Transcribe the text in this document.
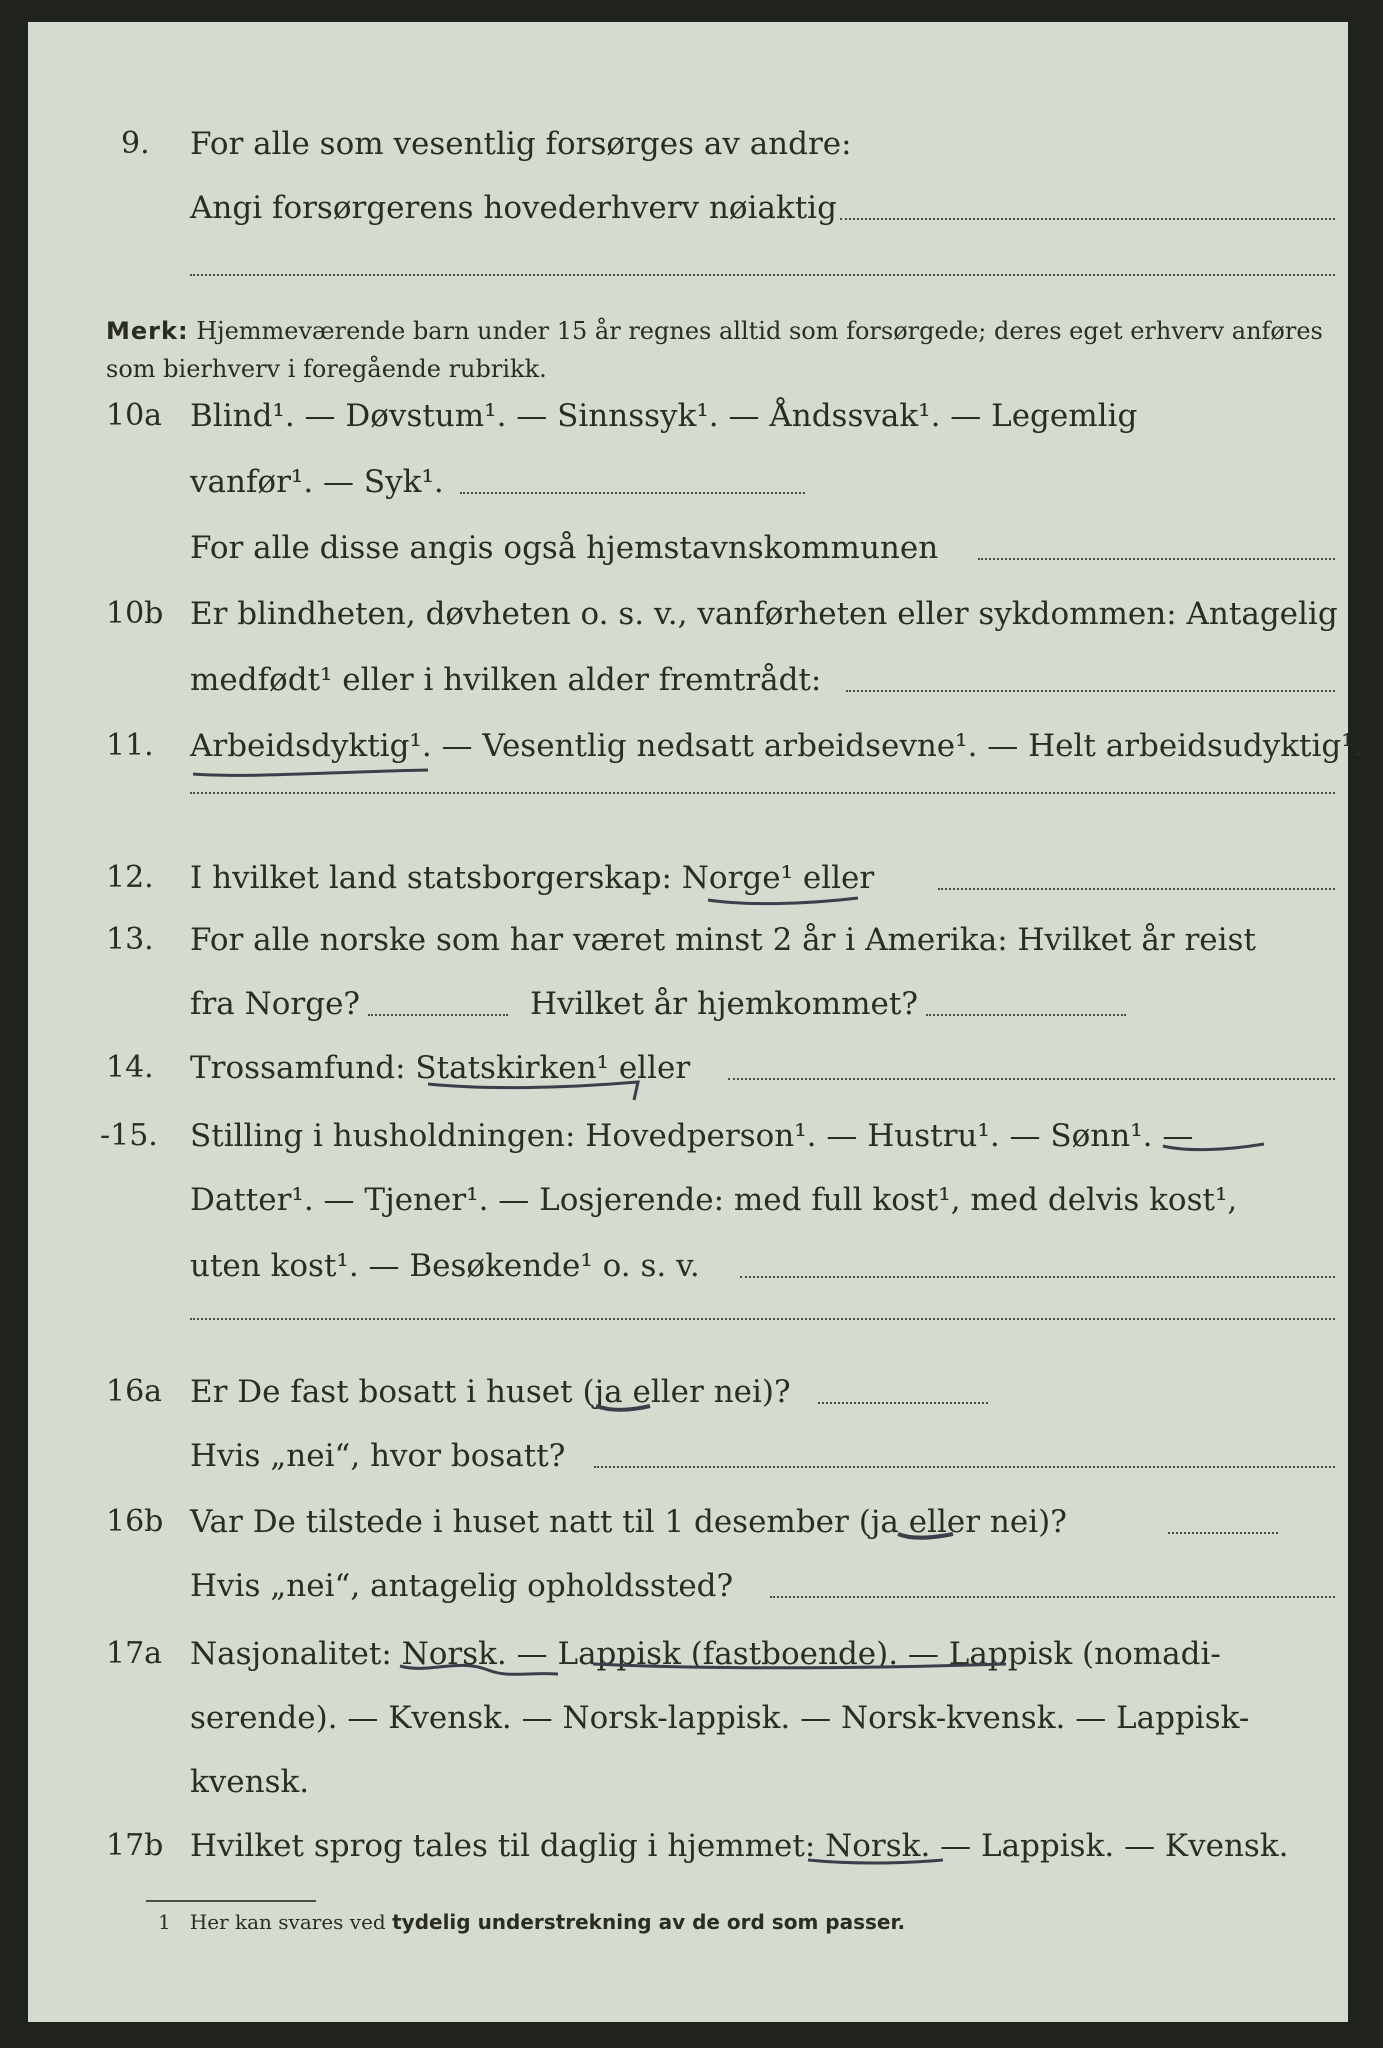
9.	For alle som vesentlig forsørges av andre:
Angi forsørgerens hovederhverv nøiaktig
Merk: Hjemmeværende barn under 15 år regnes alltid som forsørgede; deres eget erhverv anføres som bierhverv i foregående rubrikk.
10a Blind¹. — Døvstum¹. — Sinnssyk¹. — Åndssvak¹. — Legemlig
vanfør¹. — Syk¹.
For alle disse angis også hjemstavnskommunen
10b Er blindheten, døvheten o. s. v., vanførheten eller sykdommen: Antagelig
medfødt¹ eller i hvilken alder fremtrådt:
11.	Arbeidsdyktig¹. — Vesentlig nedsatt arbeidsevne¹. — Helt arbeidsudyktig¹.
12.	I hvilket land statsborgerskap: Norge¹ eller
13.	For alle norske som har været minst 2 år i Amerika: Hvilket år reist
fra Norge?	Hvilket år hjemkommet?
14.	Trossamfund: Statskirken¹ eller
-15.	Stilling i husholdningen: Hovedperson¹. — Hustru¹. — Sønn¹. —
Datter¹. — Tjener¹. — Losjerende: med full kost¹, med delvis kost¹,
uten kost¹. — Besøkende¹ o. s. v.
16a Er De fast bosatt i huset (ja eller nei)?
Hvis „nei“, hvor bosatt?
16b Var De tilstede i huset natt til 1 desember (ja eller nei)?
Hvis „nei“, antagelig opholdssted?
17a Nasjonalitet: Norsk. — Lappisk (fastboende). — Lappisk (nomadi-
serende). — Kvensk. — Norsk-lappisk. — Norsk-kvensk. — Lappisk-
kvensk.
17b Hvilket sprog tales til daglig i hjemmet: Norsk. — Lappisk. — Kvensk.
1 Her kan svares ved tydelig understrekning av de ord som passer.
